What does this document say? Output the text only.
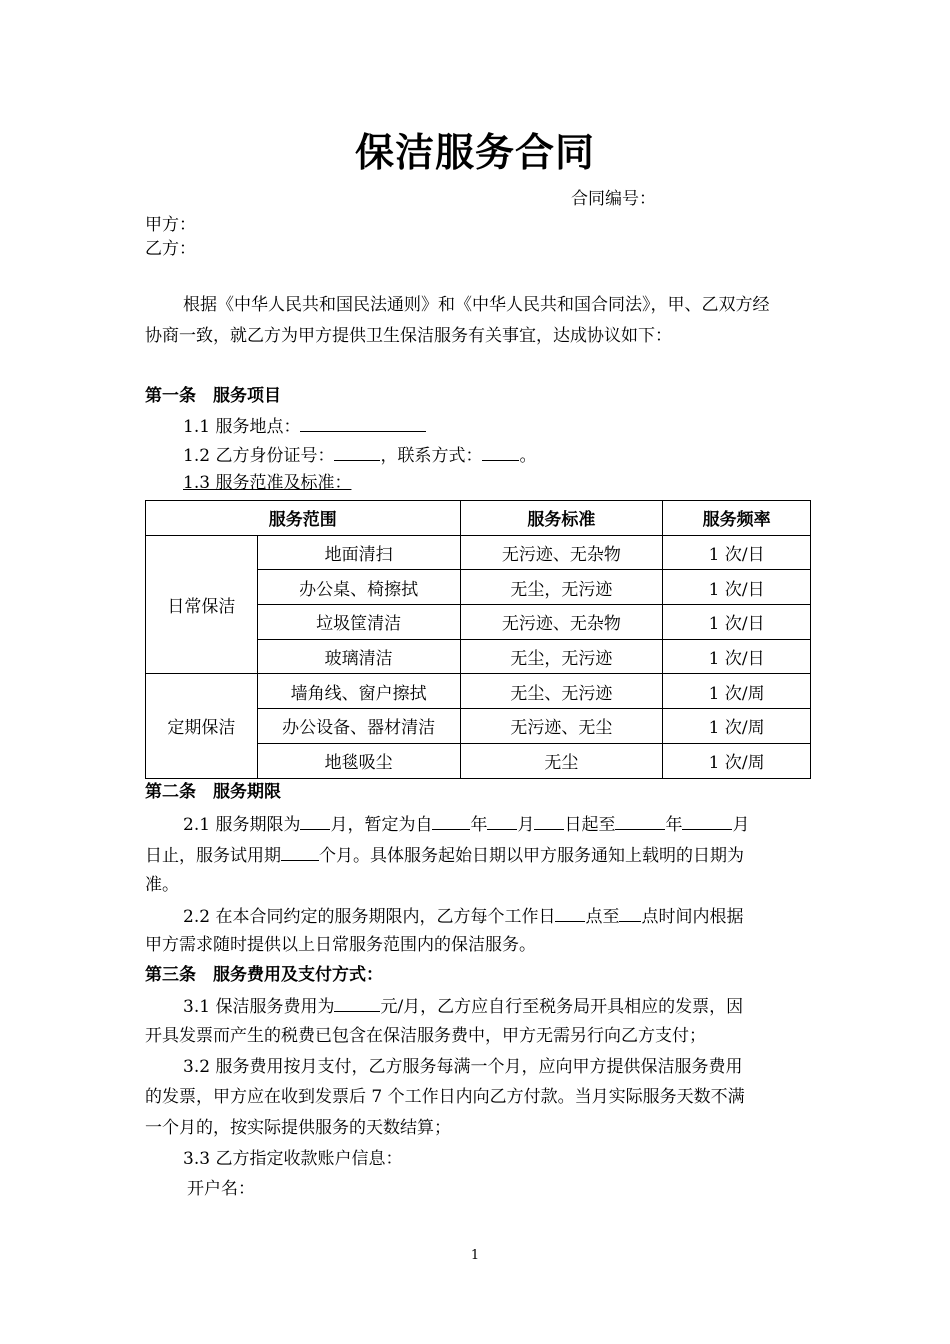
保洁服务合同
合同编号：
甲方：
乙方：
根据《中华人民共和国民法通则》和《中华人民共和国合同法》，甲、乙双方经
协商一致，就乙方为甲方提供卫生保洁服务有关事宜，达成协议如下：
第一条　服务项目
1.1 服务地点：
1.2 乙方身份证号：	，联系方式： 。
1.3 服务范准及标准：
服务范围		服务标准	服务频率
日常保洁	地面清扫	无污迹、无杂物	1 次/日
	办公桌、椅擦拭	无尘，无污迹	1 次/日
	垃圾筐清洁	无污迹、无杂物	1 次/日
	玻璃清洁	无尘，无污迹	1 次/日
定期保洁	墙角线、窗户擦拭	无尘、无污迹	1 次/周
	办公设备、器材清洁	无污迹、无尘	1 次/周
	地毯吸尘	无尘	1 次/周
第二条　服务期限
2.1 服务期限为 月，暂定为自 年 月 日起至	年	月
日止，服务试用期 个月。具体服务起始日期以甲方服务通知上载明的日期为
准。
2.2 在本合同约定的服务期限内，乙方每个工作日 点至 点时间内根据
甲方需求随时提供以上日常服务范围内的保洁服务。
第三条　服务费用及支付方式：
3.1 保洁服务费用为	元/月，乙方应自行至税务局开具相应的发票，因
开具发票而产生的税费已包含在保洁服务费中，甲方无需另行向乙方支付；
3.2 服务费用按月支付，乙方服务每满一个月，应向甲方提供保洁服务费用
的发票，甲方应在收到发票后 7 个工作日内向乙方付款。当月实际服务天数不满
一个月的，按实际提供服务的天数结算；
3.3 乙方指定收款账户信息：
开户名：
1
